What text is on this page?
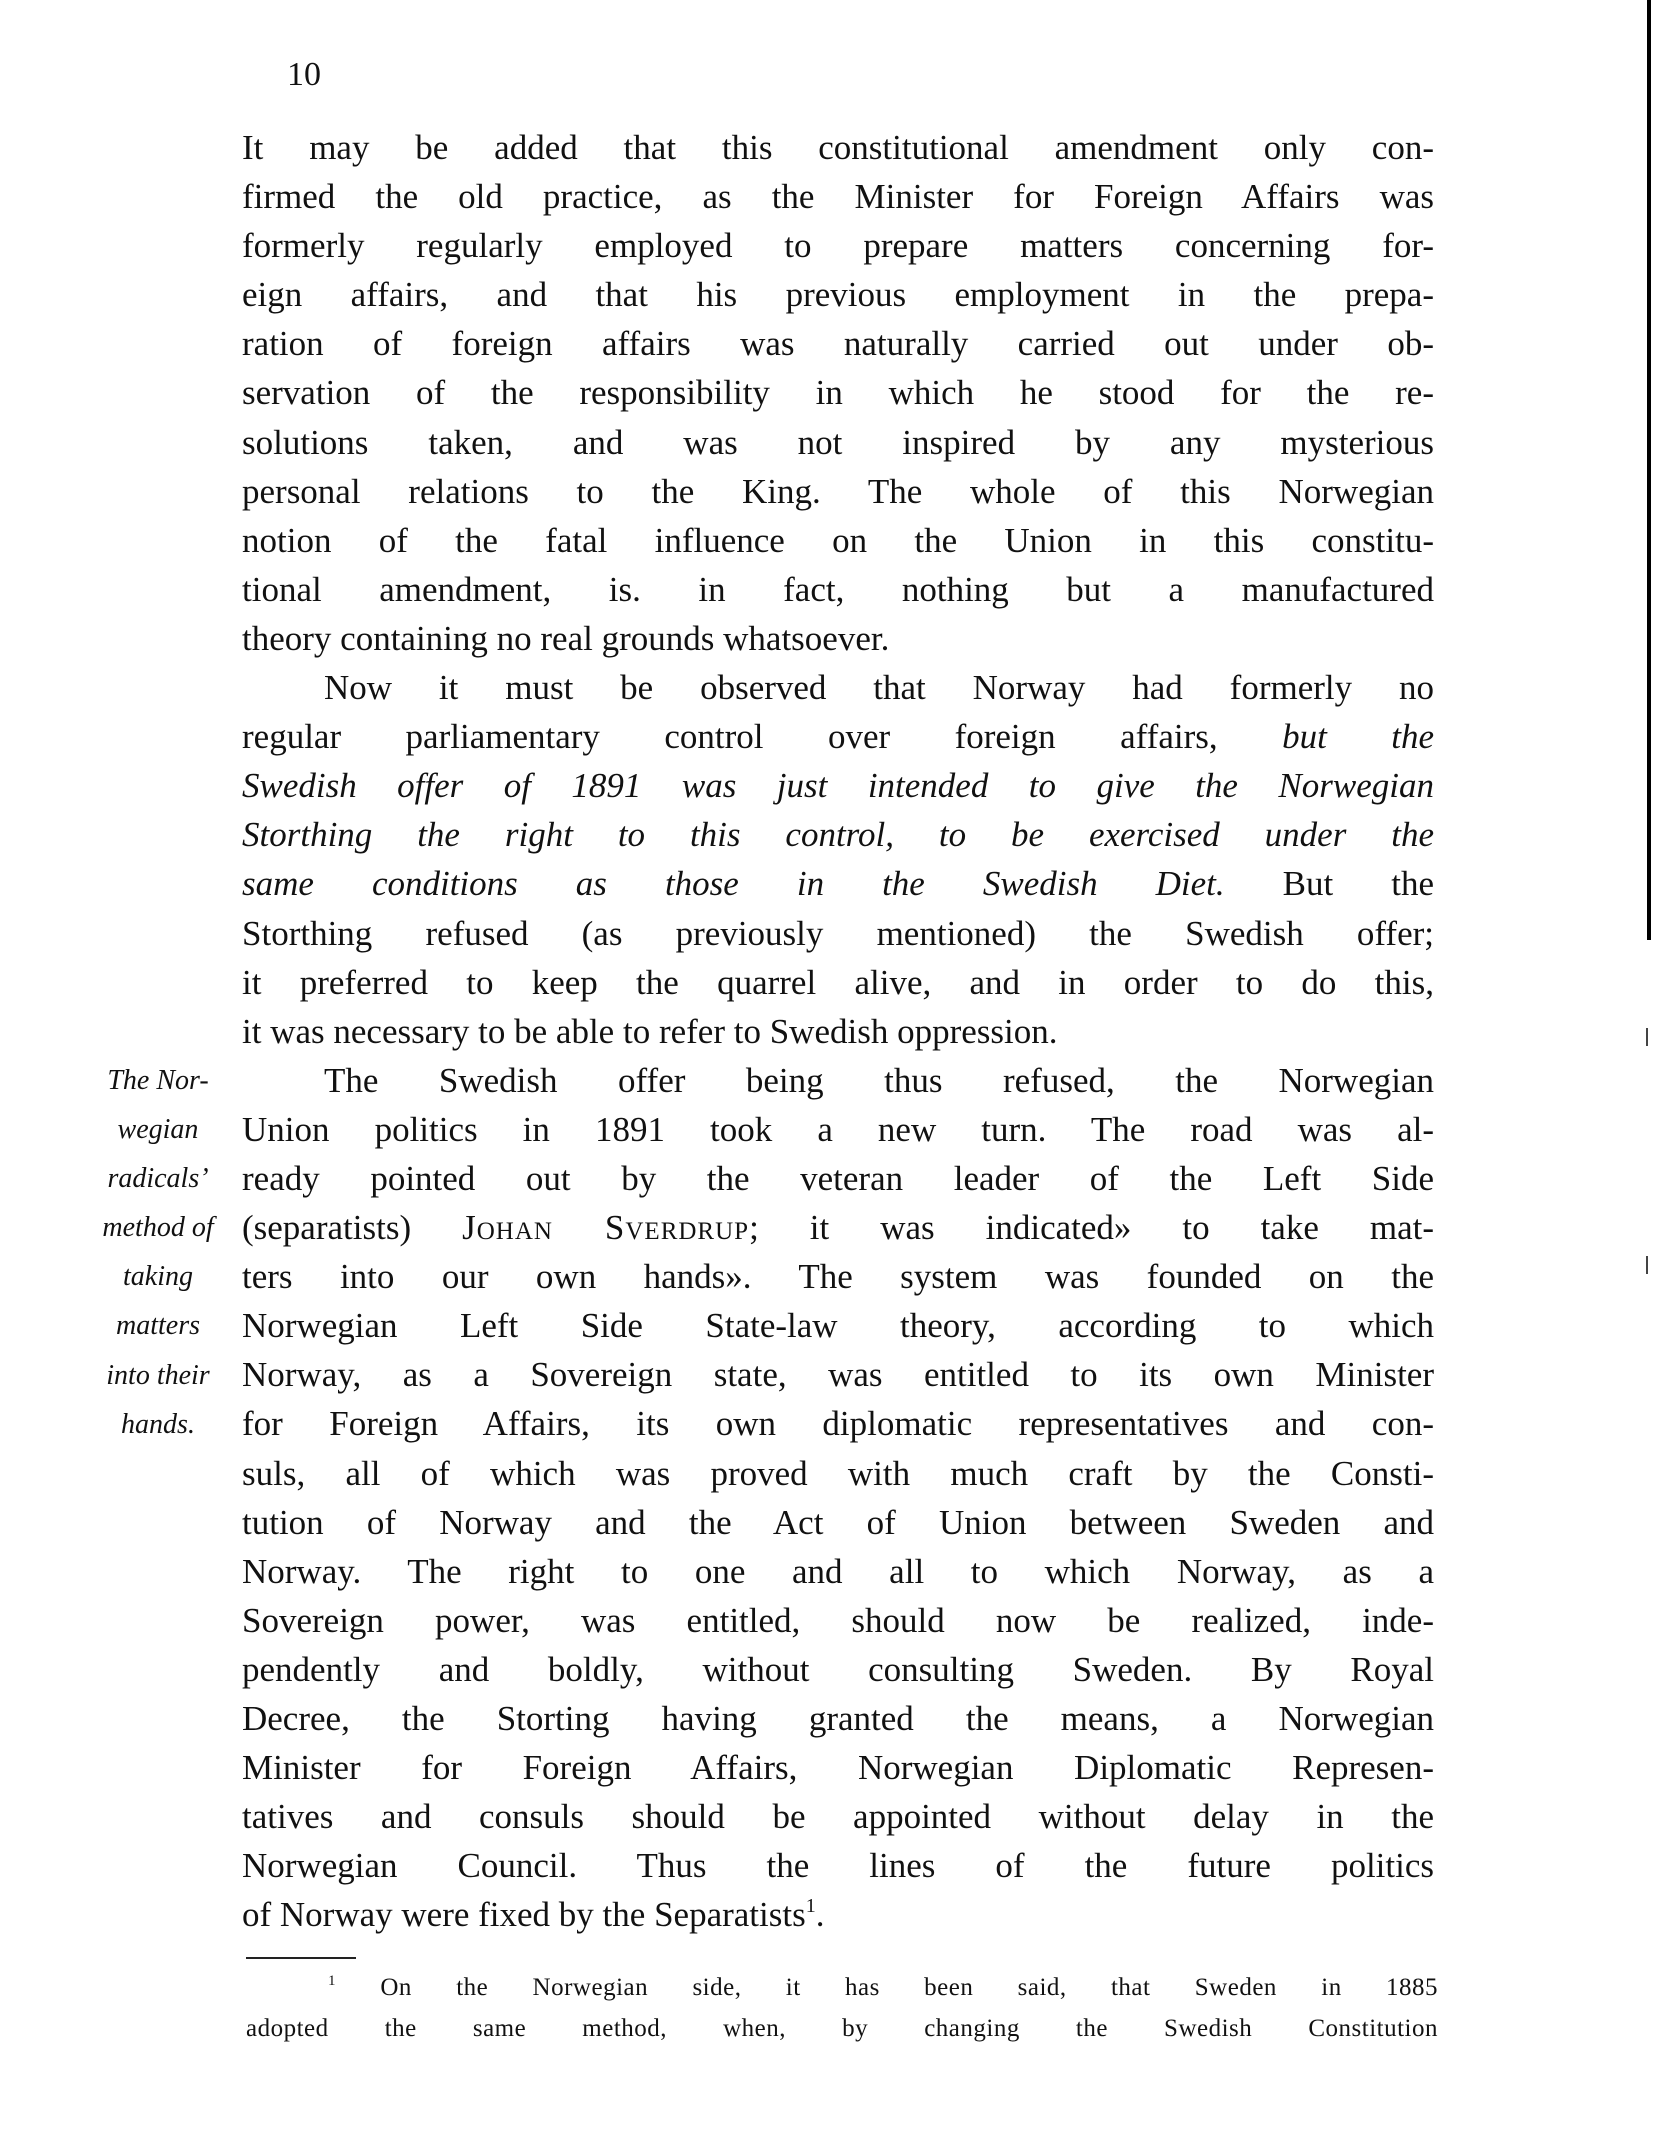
10
It may be added that this constitutional amendment only con-
firmed the old practice, as the Minister for Foreign Affairs was
formerly regularly employed to prepare matters concerning for-
eign affairs, and that his previous employment in the prepa-
ration of foreign affairs was naturally carried out under ob-
servation of the responsibility in which he stood for the re-
solutions taken, and was not inspired by any mysterious
personal relations to the King. The whole of this Norwegian
notion of the fatal influence on the Union in this constitu-
tional amendment, is. in fact, nothing but a manufactured
theory containing no real grounds whatsoever.
Now it must be observed that Norway had formerly no
regular parliamentary control over foreign affairs, but the
Swedish offer of 1891 was just intended to give the Norwegian
Storthing the right to this control, to be exercised under the
same conditions as those in the Swedish Diet. But the
Storthing refused (as previously mentioned) the Swedish offer;
it preferred to keep the quarrel alive, and in order to do this,
it was necessary to be able to refer to Swedish oppression.
The Swedish offer being thus refused, the Norwegian
Union politics in 1891 took a new turn. The road was al-
ready pointed out by the veteran leader of the Left Side
(separatists) Johan Sverdrup; it was indicated» to take mat-
ters into our own hands». The system was founded on the
Norwegian Left Side State-law theory, according to which
Norway, as a Sovereign state, was entitled to its own Minister
for Foreign Affairs, its own diplomatic representatives and con-
suls, all of which was proved with much craft by the Consti-
tution of Norway and the Act of Union between Sweden and
Norway. The right to one and all to which Norway, as a
Sovereign power, was entitled, should now be realized, inde-
pendently and boldly, without consulting Sweden. By Royal
Decree, the Storting having granted the means, a Norwegian
Minister for Foreign Affairs, Norwegian Diplomatic Represen-
tatives and consuls should be appointed without delay in the
Norwegian Council. Thus the lines of the future politics
of Norway were fixed by the Separatists$^1$.
The Nor-
wegian
radicals’
method of
taking
matters
into their
hands.
$^1$ On the Norwegian side, it has been said, that Sweden in 1885
adopted the same method, when, by changing the Swedish Constitution
